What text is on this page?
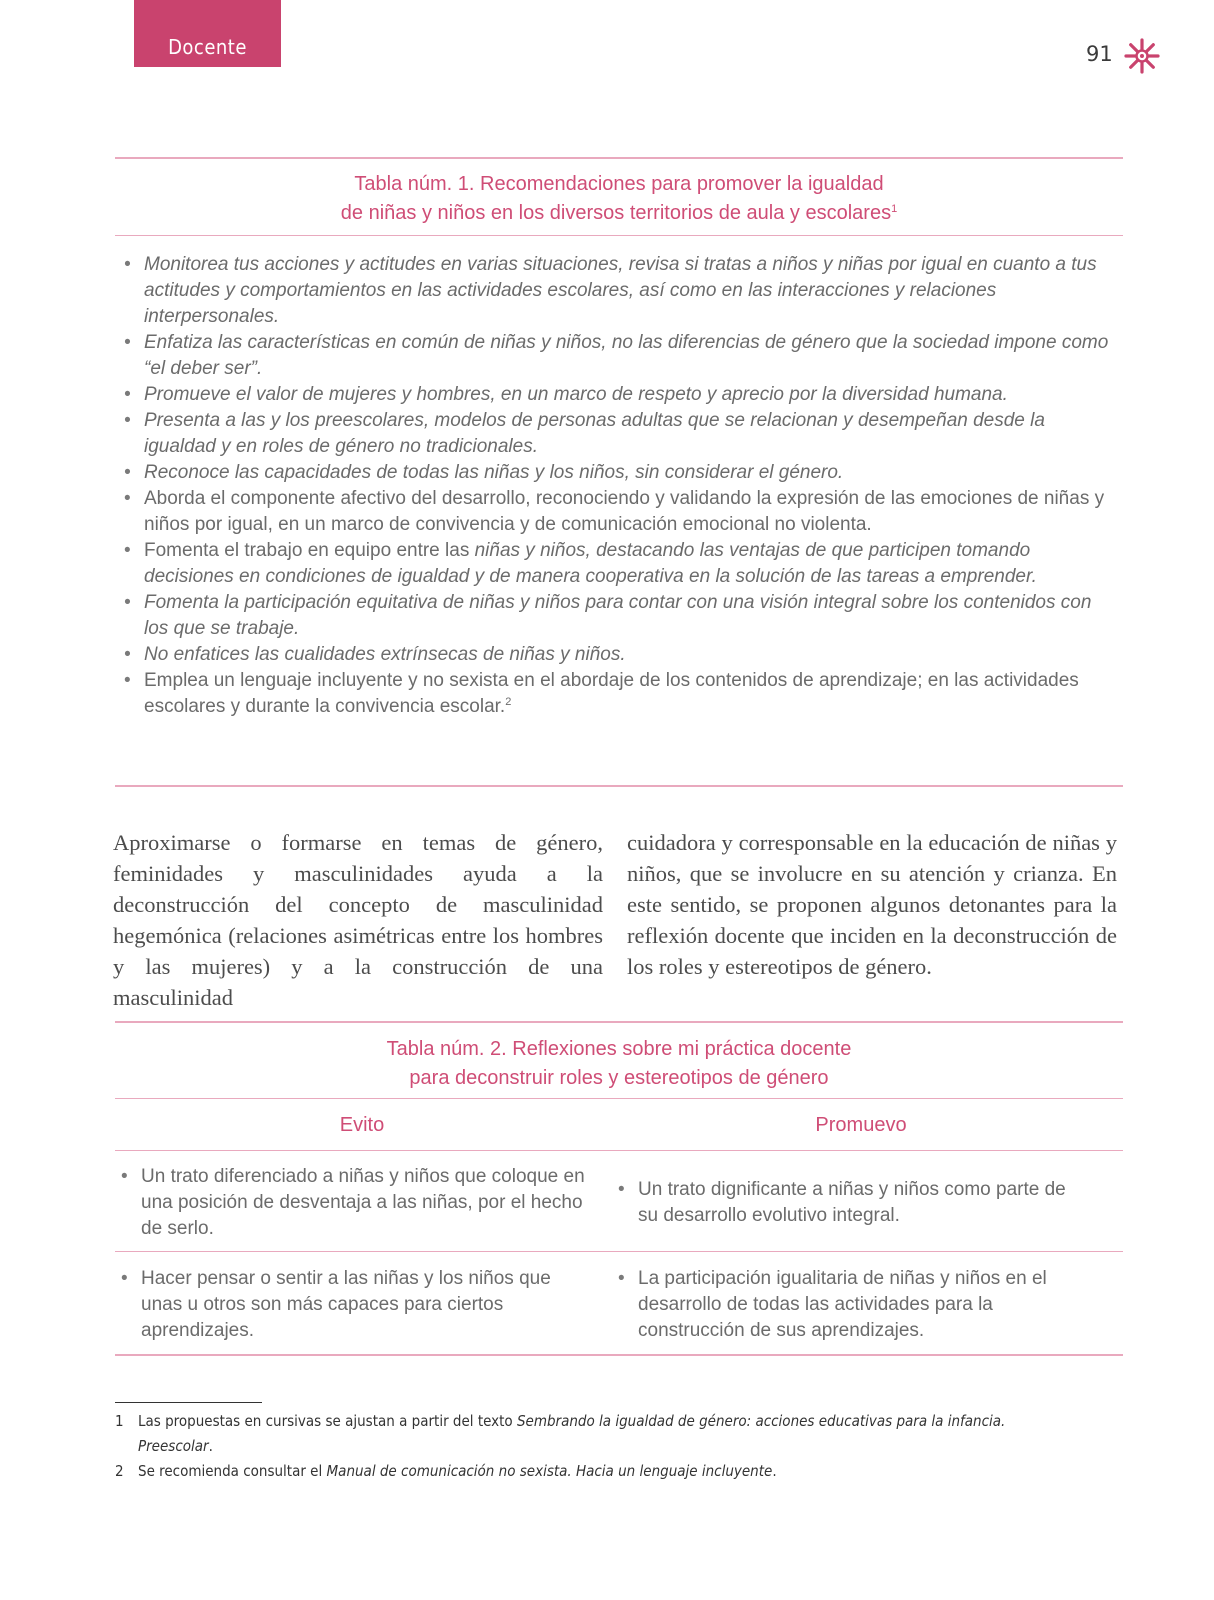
Docente	91
Tabla núm. 1. Recomendaciones para promover la igualdad
de niñas y niños en los diversos territorios de aula y escolares$^1$
• Monitorea tus acciones y actitudes en varias situaciones, revisa si tratas a niños y niñas por igual en cuanto a tus actitudes y comportamientos en las actividades escolares, así como en las interacciones y relaciones interpersonales.
• Enfatiza las características en común de niñas y niños, no las diferencias de género que la sociedad impone como “el deber ser”.
• Promueve el valor de mujeres y hombres, en un marco de respeto y aprecio por la diversidad humana.
• Presenta a las y los preescolares, modelos de personas adultas que se relacionan y desempeñan desde la igualdad y en roles de género no tradicionales.
• Reconoce las capacidades de todas las niñas y los niños, sin considerar el género.
• Aborda el componente afectivo del desarrollo, reconociendo y validando la expresión de las emociones de niñas y niños por igual, en un marco de convivencia y de comunicación emocional no violenta.
• Fomenta el trabajo en equipo entre las niñas y niños, destacando las ventajas de que participen tomando decisiones en condiciones de igualdad y de manera cooperativa en la solución de las tareas a emprender.
• Fomenta la participación equitativa de niñas y niños para contar con una visión integral sobre los contenidos con los que se trabaje.
• No enfatices las cualidades extrínsecas de niñas y niños.
• Emplea un lenguaje incluyente y no sexista en el abordaje de los contenidos de aprendizaje; en las actividades escolares y durante la convivencia escolar.$^2$
Aproximarse o formarse en temas de género, feminidades y masculinidades ayuda a la deconstrucción del concepto de masculinidad hegemónica (relaciones asimétricas entre los hombres y las mujeres) y a la construcción de una masculinidad
cuidadora y corresponsable en la educación de niñas y niños, que se involucre en su atención y crianza. En este sentido, se proponen algunos detonantes para la reflexión docente que inciden en la deconstrucción de los roles y estereotipos de género.
Tabla núm. 2. Reflexiones sobre mi práctica docente
para deconstruir roles y estereotipos de género
Evito	Promuevo
• Un trato diferenciado a niñas y niños que coloque en una posición de desventaja a las niñas, por el hecho de serlo.
• Un trato dignificante a niñas y niños como parte de su desarrollo evolutivo integral.
• Hacer pensar o sentir a las niñas y los niños que unas u otros son más capaces para ciertos aprendizajes.
• La participación igualitaria de niñas y niños en el desarrollo de todas las actividades para la construcción de sus aprendizajes.
1 Las propuestas en cursivas se ajustan a partir del texto Sembrando la igualdad de género: acciones educativas para la infancia. Preescolar.
2 Se recomienda consultar el Manual de comunicación no sexista. Hacia un lenguaje incluyente.
